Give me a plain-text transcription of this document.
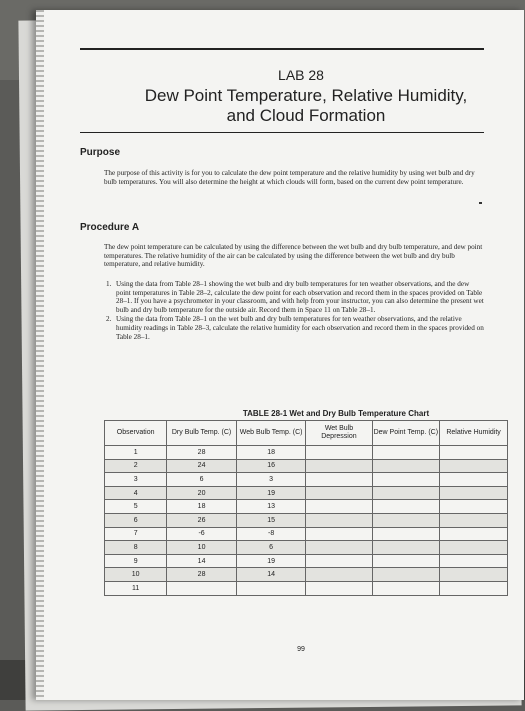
LAB 28
Dew Point Temperature, Relative Humidity,
and Cloud Formation
Purpose
The purpose of this activity is for you to calculate the dew point temperature and the relative humidity by using wet bulb and dry bulb temperatures. You will also determine the height at which clouds will form, based on the current dew point temperature.
Procedure A
The dew point temperature can be calculated by using the difference between the wet bulb and dry bulb temperature, and dew point temperatures. The relative humidity of the air can be calculated by using the difference between the wet bulb and dry bulb temperature, and relative humidity.
1. Using the data from Table 28–1 showing the wet bulb and dry bulb temperatures for ten weather observations, and the dew point temperatures in Table 28–2, calculate the dew point for each observation and record them in the spaces provided on Table 28–1. If you have a psychrometer in your classroom, and with help from your instructor, you can also determine the present wet bulb and dry bulb temperature for the outside air. Record them in Space 11 on Table 28–1.
2. Using the data from Table 28–1 on the wet bulb and dry bulb temperatures for ten weather observations, and the relative humidity readings in Table 28–3, calculate the relative humidity for each observation and record them in the spaces provided on Table 28–1.
TABLE 28-1 Wet and Dry Bulb Temperature Chart
Observation	Dry Bulb Temp. (C)	Web Bulb Temp. (C)	Wet Bulb Depression	Dew Point Temp. (C)	Relative Humidity
1	28	18			
2	24	16			
3	6	3			
4	20	19			
5	18	13			
6	26	15			
7	-6	-8			
8	10	6			
9	14	19			
10	28	14			
11					
99
